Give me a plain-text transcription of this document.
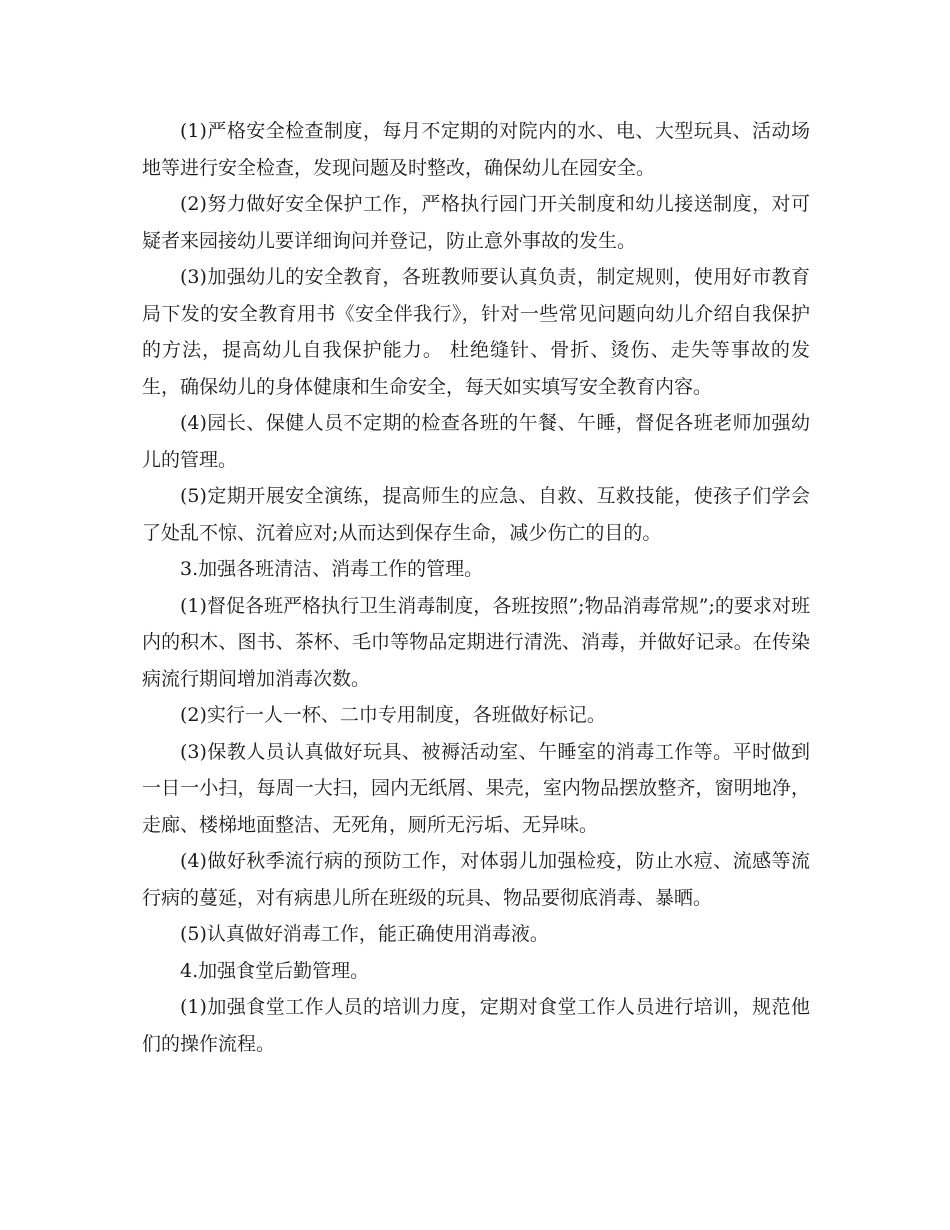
(1)严格安全检查制度，每月不定期的对院内的水、电、大型玩具、活动场地等进行安全检查，发现问题及时整改，确保幼儿在园安全。

(2)努力做好安全保护工作，严格执行园门开关制度和幼儿接送制度，对可疑者来园接幼儿要详细询问并登记，防止意外事故的发生。

(3)加强幼儿的安全教育，各班教师要认真负责，制定规则，使用好市教育局下发的安全教育用书《安全伴我行》，针对一些常见问题向幼儿介绍自我保护的方法，提高幼儿自我保护能力。 杜绝缝针、骨折、烫伤、走失等事故的发生，确保幼儿的身体健康和生命安全，每天如实填写安全教育内容。

(4)园长、保健人员不定期的检查各班的午餐、午睡，督促各班老师加强幼儿的管理。

(5)定期开展安全演练，提高师生的应急、自救、互救技能，使孩子们学会了处乱不惊、沉着应对;从而达到保存生命，减少伤亡的目的。

3.加强各班清洁、消毒工作的管理。

(1)督促各班严格执行卫生消毒制度，各班按照”;物品消毒常规”;的要求对班内的积木、图书、茶杯、毛巾等物品定期进行清洗、消毒，并做好记录。在传染病流行期间增加消毒次数。

(2)实行一人一杯、二巾专用制度，各班做好标记。

(3)保教人员认真做好玩具、被褥活动室、午睡室的消毒工作等。平时做到一日一小扫，每周一大扫，园内无纸屑、果壳，室内物品摆放整齐，窗明地净，走廊、楼梯地面整洁、无死角，厕所无污垢、无异味。

(4)做好秋季流行病的预防工作，对体弱儿加强检疫，防止水痘、流感等流行病的蔓延，对有病患儿所在班级的玩具、物品要彻底消毒、暴晒。

(5)认真做好消毒工作，能正确使用消毒液。

4.加强食堂后勤管理。

(1)加强食堂工作人员的培训力度，定期对食堂工作人员进行培训，规范他们的操作流程。
